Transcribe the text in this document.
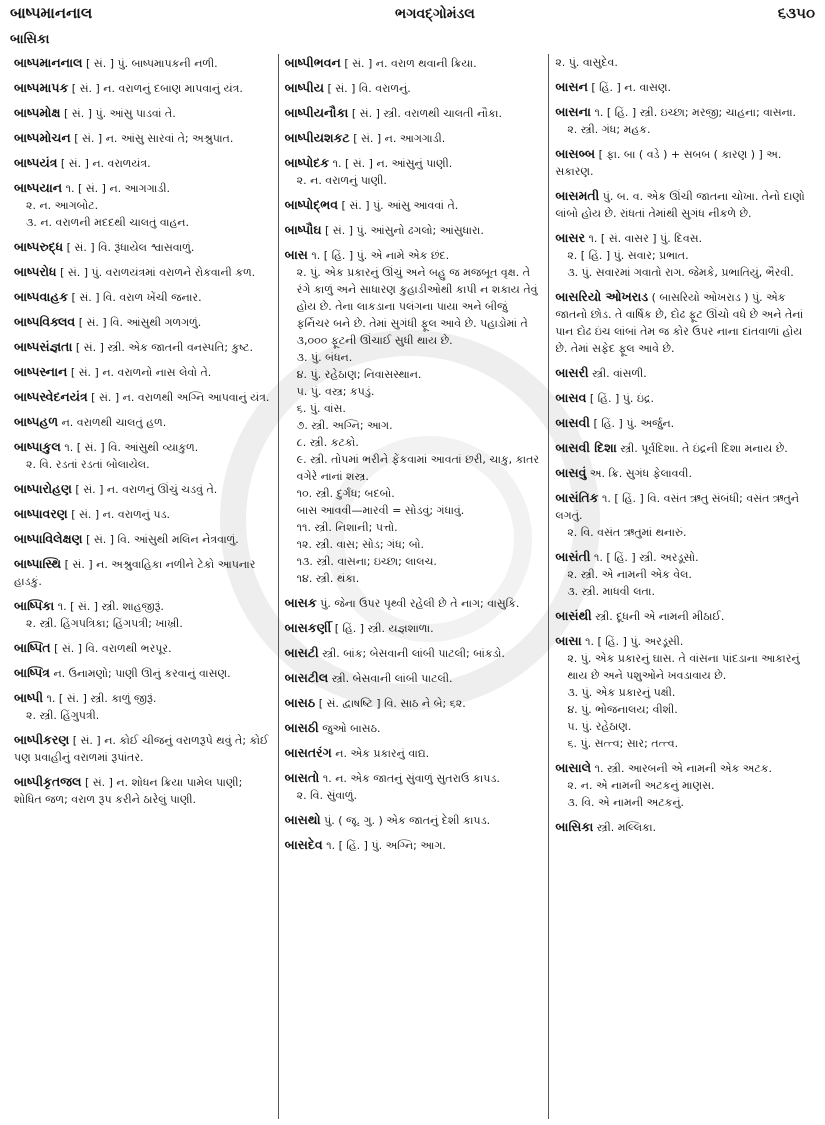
બાષ્પમાનનાલ	ભગવદ્ગોમંડલ	૬૩૫૦
બાસિકા
બાષ્પમાનનાલ [ સં. ] પું. બાષ્પમાપકની નળી.
બાષ્પમાપક [ સં. ] ન. વરાળનું દબાણ માપવાનું યંત્ર.
બાષ્પમોક્ષ [ સં. ] પું. આંસુ પાડવાં તે.
બાષ્પમોચન [ સં. ] ન. આંસુ સારવાં તે; અશ્રુપાત.
બાષ્પયંત્ર [ સં. ] ન. વરાળયંત્ર.
બાષ્પયાન ૧. [ સં. ] ન. આગગાડી.
૨. ન. આગબોટ.
૩. ન. વરાળની મદદથી ચાલતું વાહન.
બાષ્પરુદ્ધ [ સં. ] વિ. રૂંધાયેલ શ્વાસવાળું.
બાષ્પરોધ [ સં. ] પું. વરાળયંત્રમાં વરાળને રોકવાની કળ.
બાષ્પવાહક [ સં. ] વિ. વરાળ ખેંચી જનાર.
બાષ્પવિક્લવ [ સં. ] વિ. આંસુથી ગળગળું.
બાષ્પસંજ્ઞતા [ સં. ] સ્ત્રી. એક જાતની વનસ્પતિ; કુષ્ટ.
બાષ્પસ્નાન [ સં. ] ન. વરાળનો નાસ લેવો તે.
બાષ્પસ્વેદનયંત્ર [ સં. ] ન. વરાળથી અગ્નિ આપવાનું યંત્ર.
બાષ્પહળ ન. વરાળથી ચાલતું હળ.
બાષ્પાકુલ ૧. [ સં. ] વિ. આંસુથી વ્યાકુળ.
૨. વિ. રડતાં રડતાં બોલાયેલ.
બાષ્પારોહણ [ સં. ] ન. વરાળનું ઊંચું ચડવું તે.
બાષ્પાવરણ [ સં. ] ન. વરાળનું પડ.
બાષ્પાવિલેક્ષણ [ સં. ] વિ. આંસુથી મલિન નેત્રવાળું.
બાષ્પાસ્થિ [ સં. ] ન. અશ્રુવાહિકા નળીને ટેકો આપનાર હાડકું.
બાષ્પિકા ૧. [ સં. ] સ્ત્રી. શાહજીરૂં.
૨. સ્ત્રી. હિંગપત્રિકા; હિંગપત્રી; ખાખ્રી.
બાષ્પિત [ સં. ] વિ. વરાળથી ભરપૂર.
બાષ્પિત્ર ન. ઉનામણો; પાણી ઊનું કરવાનું વાસણ.
બાષ્પી ૧. [ સં. ] સ્ત્રી. કાળું જીરૂં.
૨. સ્ત્રી. હિંગુપત્રી.
બાષ્પીકરણ [ સં. ] ન. કોઈ ચીજનું વરાળરૂપે થવું તે; કોઈ પણ પ્રવાહીનું વરાળમાં રૂપાંતર.
બાષ્પીકૃતજલ [ સં. ] ન. શોધન ક્રિયા પામેલ પાણી; શોધિત જળ; વરાળ રૂપ કરીને ઠારેલું પાણી.
બાષ્પીભવન [ સં. ] ન. વરાળ થવાની ક્રિયા.
બાષ્પીય [ સં. ] વિ. વરાળનું.
બાષ્પીયનૌકા [ સં. ] સ્ત્રી. વરાળથી ચાલતી નૌકા.
બાષ્પીયશકટ [ સં. ] ન. આગગાડી.
બાષ્પોદક ૧. [ સં. ] ન. આંસુનું પાણી.
૨. ન. વરાળનું પાણી.
બાષ્પોદ્ભવ [ સં. ] પું. આંસુ આવવાં તે.
બાષ્પૌઘ [ સં. ] પું. આંસુનો ઢગલો; આંસુધારા.
બાસ ૧. [ હિં. ] પું. એ નામે એક છંદ.
૨. પું. એક પ્રકારનું ઊંચું અને બહુ જ મજબૂત વૃક્ષ. તે રંગે કાળું અને સાધારણ કુહાડીઓથી કાપી ન શકાય તેવું હોય છે. તેના લાકડાના પલંગના પાયા અને બીજું ફર્નિચર બને છે. તેમાં સુગંધી ફૂલ આવે છે. પહાડોમાં તે ૩,૦૦૦ ફૂટની ઊંચાઈ સુધી થાય છે.
૩. પું. બંધન.
૪. પું. રહેઠાણ; નિવાસસ્થાન.
૫. પું. વસ્ત્ર; કપડું.
૬. પું. વાંસ.
૭. સ્ત્રી. અગ્નિ; આગ.
૮. સ્ત્રી. કટકો.
૯. સ્ત્રી. તોપમાં ભરીને ફેંકવામાં આવતાં છરી, ચાકુ, કાતર વગેરે નાનાં શસ્ત્ર.
૧૦. સ્ત્રી. દુર્ગંધ; બદબો.
બાસ આવવી—મારવી = સોડવું; ગંધાવું.
૧૧. સ્ત્રી. નિશાની; પત્તો.
૧૨. સ્ત્રી. વાસ; સોડ; ગંધ; બો.
૧૩. સ્ત્રી. વાસના; ઇચ્છા; લાલચ.
૧૪. સ્ત્રી. થંકા.
બાસક પું. જેના ઉપર પૃથ્વી રહેલી છે તે નાગ; વાસુકિ.
બાસકર્ણી [ હિં. ] સ્ત્રી. યજ્ઞશાળા.
બાસટી સ્ત્રી. બાંક; બેસવાની લાંબી પાટલી; બાંકડો.
બાસટીલ સ્ત્રી. બેસવાની લાંબી પાટલી.
બાસઠ [ સં. દ્વાષષ્ટિ ] વિ. સાઠ ને બે; ૬૨.
બાસઠી જુઓ બાસઠ.
બાસતરંગ ન. એક પ્રકારનું વાદ્ય.
બાસતો ૧. ન. એક જાતનું સુંવાળું સુતરાઉ કાપડ.
૨. વિ. સુંવાળું.
બાસથો પું. ( જૂ. ગુ. ) એક જાતનું દેશી કાપડ.
બાસદેવ ૧. [ હિં. ] પું. અગ્નિ; આગ.
૨. પું. વાસુદેવ.
બાસન [ હિં. ] ન. વાસણ.
બાસના ૧. [ હિં. ] સ્ત્રી. ઇચ્છા; મરજી; ચાહના; વાસના.
૨. સ્ત્રી. ગંધ; મહક.
બાસબ્બ [ ફા. બા ( વડે ) + સબબ ( કારણ ) ] અ. સકારણ.
બાસમતી પું. બ. વ. એક ઊંચી જાતના ચોખા. તેનો દાણો લાંબો હોય છે. રાંધતાં તેમાંથી સુગંધ નીકળે છે.
બાસર ૧. [ સં. વાસર ] પું. દિવસ.
૨. [ હિં. ] પું. સવાર; પ્રભાત.
૩. પું. સવારમાં ગવાતો રાગ. જેમકે, પ્રભાતિયું, ભૈરવી.
બાસરિયો ઓખરાડ ( બાસરિયો ઓખરાડ ) પું. એક જાતનો છોડ. તે વાર્ષિક છે, દોઢ ફૂટ ઊંચો વધે છે અને તેનાં પાન દોઢ ઇંચ લાંબાં તેમ જ કોર ઉપર નાના દાંતવાળાં હોય છે. તેમાં સફેદ ફૂલ આવે છે.
બાસરી સ્ત્રી. વાંસળી.
બાસવ [ હિં. ] પું. ઇંદ્ર.
બાસવી [ હિં. ] પું. અર્જુન.
બાસવી દિશા સ્ત્રી. પૂર્વદિશા. તે ઇંદ્રની દિશા મનાય છે.
બાસવું અ. ક્રિ. સુગંધ ફેલાવવી.
બાસંતિક ૧. [ હિં. ] વિ. વસંત ઋતુ સંબંધી; વસંત ઋતુને લગતું.
૨. વિ. વસંત ઋતુમાં થનારું.
બાસંતી ૧. [ હિં. ] સ્ત્રી. અરડૂસો.
૨. સ્ત્રી. એ નામની એક વેલ.
૩. સ્ત્રી. માધવી લતા.
બાસંથી સ્ત્રી. દૂધની એ નામની મીઠાઈ.
બાસા ૧. [ હિં. ] પું. અરડૂસી.
૨. પું. એક પ્રકારનું ઘાસ. તે વાંસના પાંદડાના આકારનું થાય છે અને પશુઓને ખવડાવાય છે.
૩. પું. એક પ્રકારનું પક્ષી.
૪. પું. ભોજનાલય; વીશી.
૫. પું. રહેઠાણ.
૬. પું. સત્ત્વ; સાર; તત્ત્વ.
બાસાલે ૧. સ્ત્રી. આરબની એ નામની એક અટક.
૨. ન. એ નામની અટકનું માણસ.
૩. વિ. એ નામની અટકનું.
બાસિકા સ્ત્રી. મલ્લિકા.
